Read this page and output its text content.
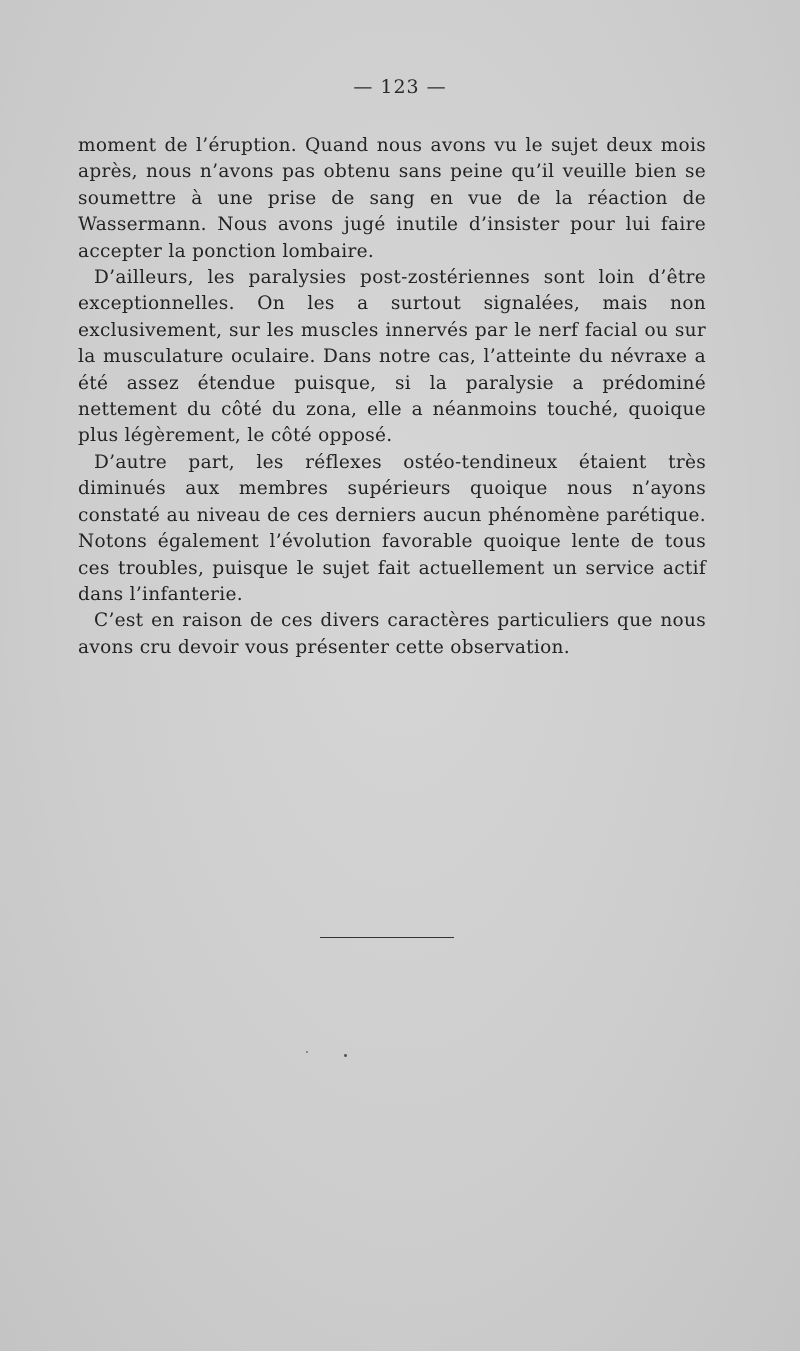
— 123 —

moment de l’éruption. Quand nous avons vu le sujet deux mois après, nous n’avons pas obtenu sans peine qu’il veuille bien se soumettre à une prise de sang en vue de la réaction de Wassermann. Nous avons jugé inutile d’insister pour lui faire accepter la ponction lombaire.

D’ailleurs, les paralysies post-zostériennes sont loin d’être exceptionnelles. On les a surtout signalées, mais non exclusivement, sur les muscles innervés par le nerf facial ou sur la musculature oculaire. Dans notre cas, l’atteinte du névraxe a été assez étendue puisque, si la paralysie a prédominé nettement du côté du zona, elle a néanmoins touché, quoique plus légèrement, le côté opposé.

D’autre part, les réflexes ostéo-tendineux étaient très diminués aux membres supérieurs quoique nous n’ayons constaté au niveau de ces derniers aucun phénomène parétique. Notons également l’évolution favorable quoique lente de tous ces troubles, puisque le sujet fait actuellement un service actif dans l’infanterie.

C’est en raison de ces divers caractères particuliers que nous avons cru devoir vous présenter cette observation.
